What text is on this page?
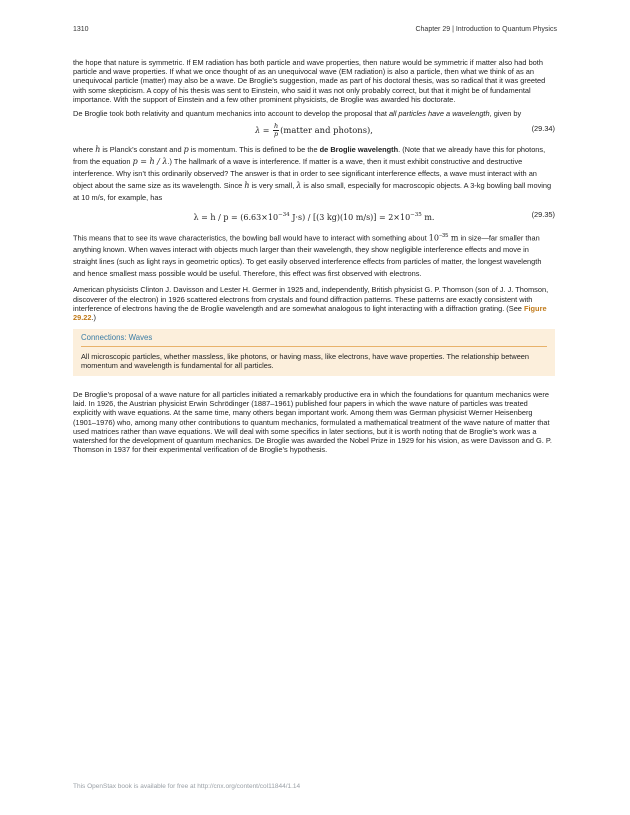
1310	Chapter 29 | Introduction to Quantum Physics

the hope that nature is symmetric. If EM radiation has both particle and wave properties, then nature would be symmetric if matter also had both particle and wave properties. If what we once thought of as an unequivocal wave (EM radiation) is also a particle, then what we think of as an unequivocal particle (matter) may also be a wave. De Broglie’s suggestion, made as part of his doctoral thesis, was so radical that it was greeted with some skepticism. A copy of his thesis was sent to Einstein, who said it was not only probably correct, but that it might be of fundamental importance. With the support of Einstein and a few other prominent physicists, de Broglie was awarded his doctorate.

De Broglie took both relativity and quantum mechanics into account to develop the proposal that all particles have a wavelength, given by

$\lambda = \frac{h}{p}$ (matter and photons),	(29.34)

where h is Planck’s constant and p is momentum. This is defined to be the de Broglie wavelength. (Note that we already have this for photons, from the equation p = h / λ.) The hallmark of a wave is interference. If matter is a wave, then it must exhibit constructive and destructive interference. Why isn’t this ordinarily observed? The answer is that in order to see significant interference effects, a wave must interact with an object about the same size as its wavelength. Since h is very small, λ is also small, especially for macroscopic objects. A 3-kg bowling ball moving at 10 m/s, for example, has

$\lambda = h / p = (6.63\times 10^{-34}$ J·s) / [(3 kg)(10 $m/s)] = 2\times 10^{-35}$ m.	(29.35)

This means that to see its wave characteristics, the bowling ball would have to interact with something about $10^{-35}$ m in size—far smaller than anything known. When waves interact with objects much larger than their wavelength, they show negligible interference effects and move in straight lines (such as light rays in geometric optics). To get easily observed interference effects from particles of matter, the longest wavelength and hence smallest mass possible would be useful. Therefore, this effect was first observed with electrons.

American physicists Clinton J. Davisson and Lester H. Germer in 1925 and, independently, British physicist G. P. Thomson (son of J. J. Thomson, discoverer of the electron) in 1926 scattered electrons from crystals and found diffraction patterns. These patterns are exactly consistent with interference of electrons having the de Broglie wavelength and are somewhat analogous to light interacting with a diffraction grating. (See Figure 29.22.)

Connections: Waves
All microscopic particles, whether massless, like photons, or having mass, like electrons, have wave properties. The relationship between momentum and wavelength is fundamental for all particles.

De Broglie’s proposal of a wave nature for all particles initiated a remarkably productive era in which the foundations for quantum mechanics were laid. In 1926, the Austrian physicist Erwin Schrödinger (1887–1961) published four papers in which the wave nature of particles was treated explicitly with wave equations. At the same time, many others began important work. Among them was German physicist Werner Heisenberg (1901–1976) who, among many other contributions to quantum mechanics, formulated a mathematical treatment of the wave nature of matter that used matrices rather than wave equations. We will deal with some specifics in later sections, but it is worth noting that de Broglie’s work was a watershed for the development of quantum mechanics. De Broglie was awarded the Nobel Prize in 1929 for his vision, as were Davisson and G. P. Thomson in 1937 for their experimental verification of de Broglie’s hypothesis.

This OpenStax book is available for free at http://cnx.org/content/col11844/1.14
